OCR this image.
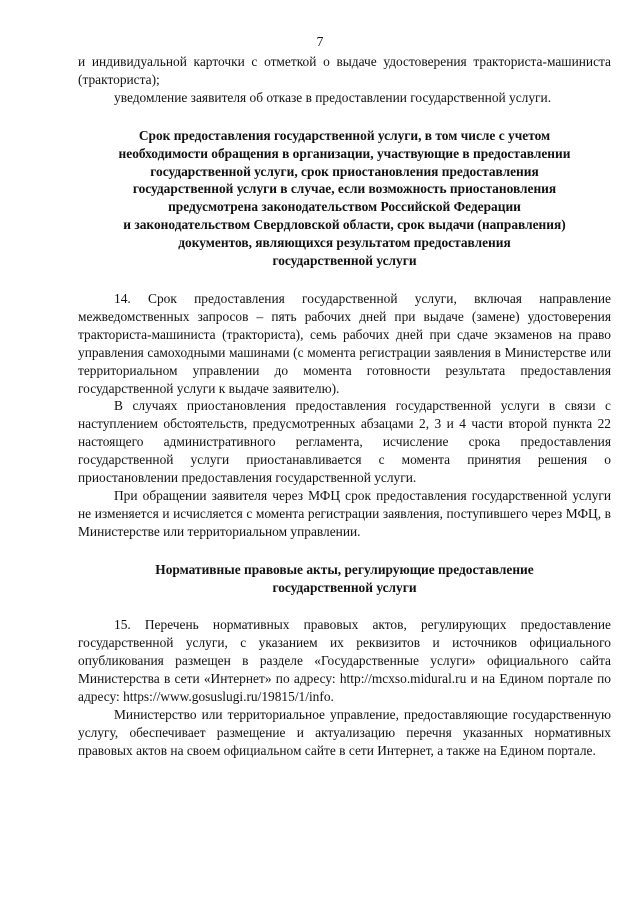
7

и индивидуальной карточки с отметкой о выдаче удостоверения тракториста-машиниста (тракториста);

уведомление заявителя об отказе в предоставлении государственной услуги.

Срок предоставления государственной услуги, в том числе с учетом
необходимости обращения в организации, участвующие в предоставлении
государственной услуги, срок приостановления предоставления
государственной услуги в случае, если возможность приостановления
предусмотрена законодательством Российской Федерации
и законодательством Свердловской области, срок выдачи (направления)
документов, являющихся результатом предоставления
государственной услуги

14. Срок предоставления государственной услуги, включая направление межведомственных запросов – пять рабочих дней при выдаче (замене) удостоверения тракториста-машиниста (тракториста), семь рабочих дней при сдаче экзаменов на право управления самоходными машинами (с момента регистрации заявления в Министерстве или территориальном управлении до момента готовности результата предоставления государственной услуги к выдаче заявителю).

В случаях приостановления предоставления государственной услуги в связи с наступлением обстоятельств, предусмотренных абзацами 2, 3 и 4 части второй пункта 22 настоящего административного регламента, исчисление срока предоставления государственной услуги приостанавливается с момента принятия решения о приостановлении предоставления государственной услуги.

При обращении заявителя через МФЦ срок предоставления государственной услуги не изменяется и исчисляется с момента регистрации заявления, поступившего через МФЦ, в Министерстве или территориальном управлении.

Нормативные правовые акты, регулирующие предоставление
государственной услуги

15. Перечень нормативных правовых актов, регулирующих предоставление государственной услуги, с указанием их реквизитов и источников официального опубликования размещен в разделе «Государственные услуги» официального сайта Министерства в сети «Интернет» по адресу: http://mcxso.midural.ru и на Едином портале по адресу: https://www.gosuslugi.ru/19815/1/info.

Министерство или территориальное управление, предоставляющие государственную услугу, обеспечивает размещение и актуализацию перечня указанных нормативных правовых актов на своем официальном сайте в сети Интернет, а также на Едином портале.
